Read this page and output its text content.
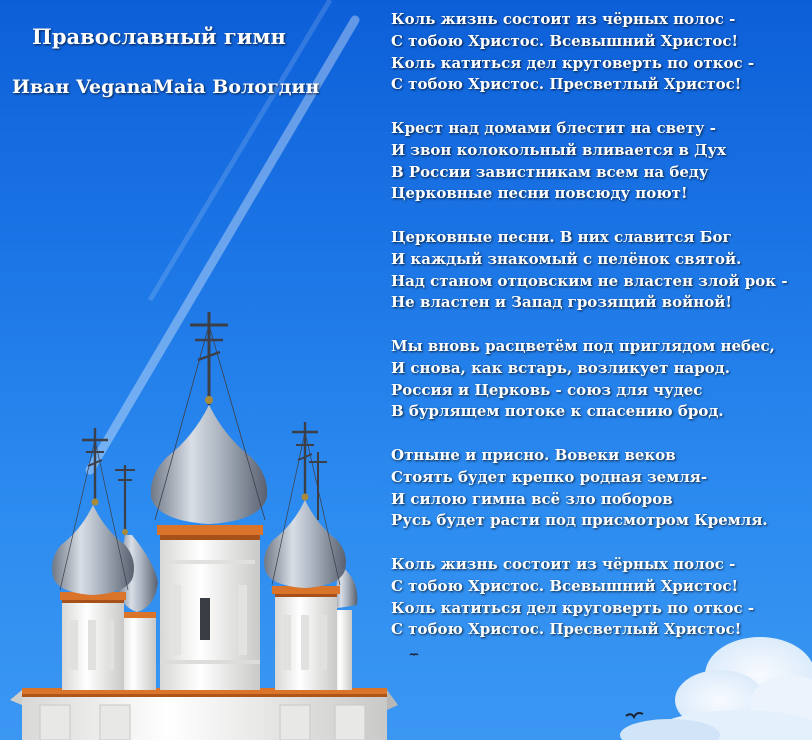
Православный гимн
Иван VeganaMaia Вологдин
Коль жизнь состоит из чёрных полос -
С тобою Христос. Всевышний Христос!
Коль катиться дел круговерть по откос -
С тобою Христос. Пресветлый Христос!
Крест над домами блестит на свету -
И звон колокольный вливается в Дух
В России завистникам всем на беду
Церковные песни повсюду поют!
Церковные песни. В них славится Бог
И каждый знакомый с пелёнок святой.
Над станом отцовским не властен злой рок -
Не властен и Запад грозящий войной!
Мы вновь расцветём под приглядом небес,
И снова, как встарь, возликует народ.
Россия и Церковь - союз для чудес
В бурлящем потоке к спасению брод.
Отныне и присно. Вовеки веков
Стоять будет крепко родная земля-
И силою гимна всё зло поборов
Русь будет расти под присмотром Кремля.
Коль жизнь состоит из чёрных полос -
С тобою Христос. Всевышний Христос!
Коль катиться дел круговерть по откос -
С тобою Христос. Пресветлый Христос!
